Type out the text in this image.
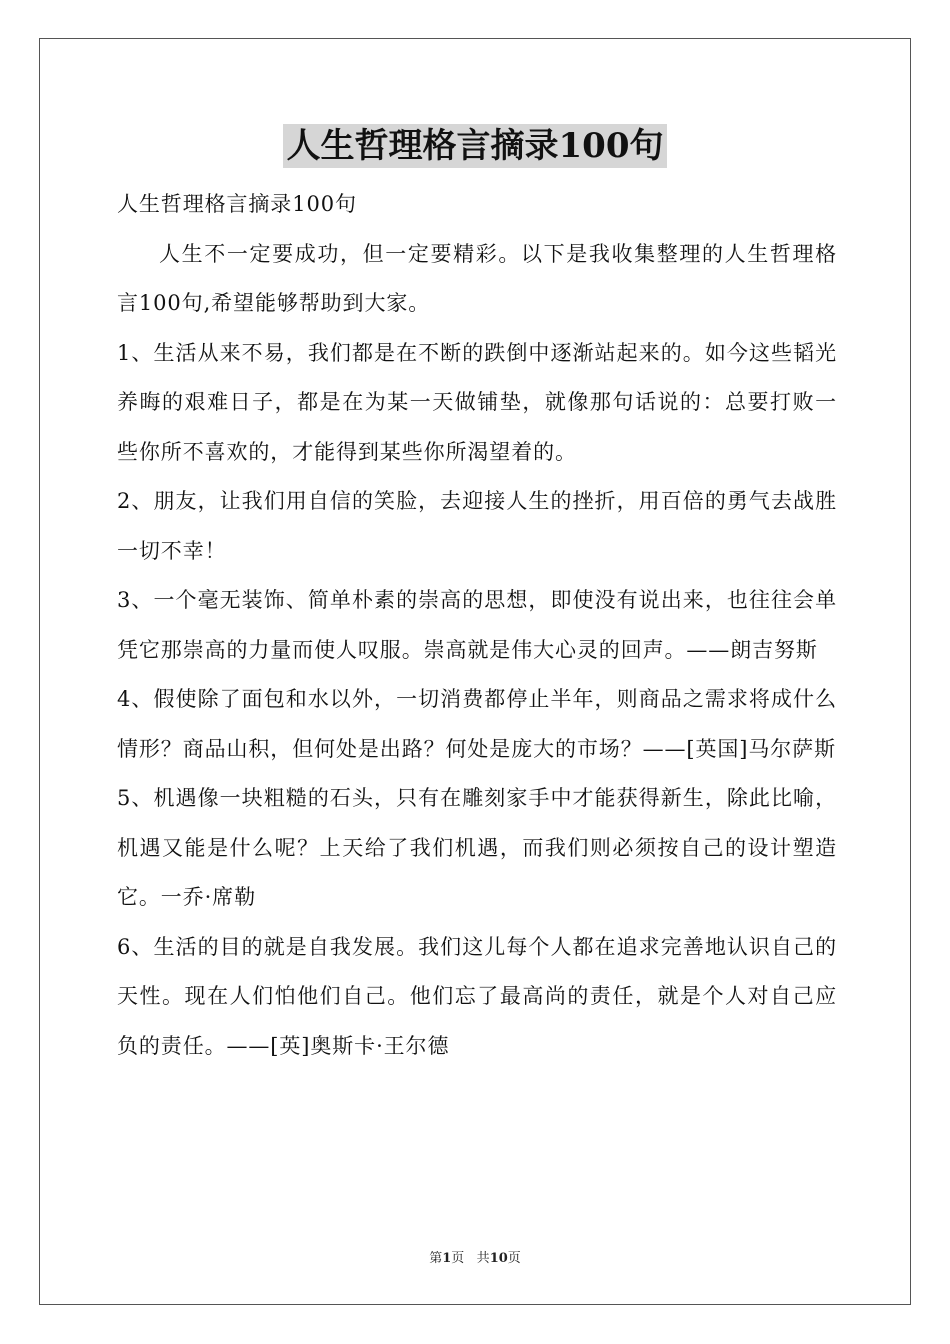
人生哲理格言摘录100句

人生哲理格言摘录100句

人生不一定要成功，但一定要精彩。以下是我收集整理的人生哲理格言100句,希望能够帮助到大家。

1、生活从来不易，我们都是在不断的跌倒中逐渐站起来的。如今这些韬光养晦的艰难日子，都是在为某一天做铺垫，就像那句话说的：总要打败一些你所不喜欢的，才能得到某些你所渴望着的。

2、朋友，让我们用自信的笑脸，去迎接人生的挫折，用百倍的勇气去战胜一切不幸！

3、一个毫无装饰、简单朴素的崇高的思想，即使没有说出来，也往往会单凭它那崇高的力量而使人叹服。崇高就是伟大心灵的回声。——朗吉努斯

4、假使除了面包和水以外，一切消费都停止半年，则商品之需求将成什么情形？商品山积，但何处是出路？何处是庞大的市场？——[英国]马尔萨斯

5、机遇像一块粗糙的石头，只有在雕刻家手中才能获得新生，除此比喻，机遇又能是什么呢？上天给了我们机遇，而我们则必须按自己的设计塑造它。一乔·席勒

6、生活的目的就是自我发展。我们这儿每个人都在追求完善地认识自己的天性。现在人们怕他们自己。他们忘了最高尚的责任，就是个人对自己应负的责任。——[英]奥斯卡·王尔德

第1页 共10页
